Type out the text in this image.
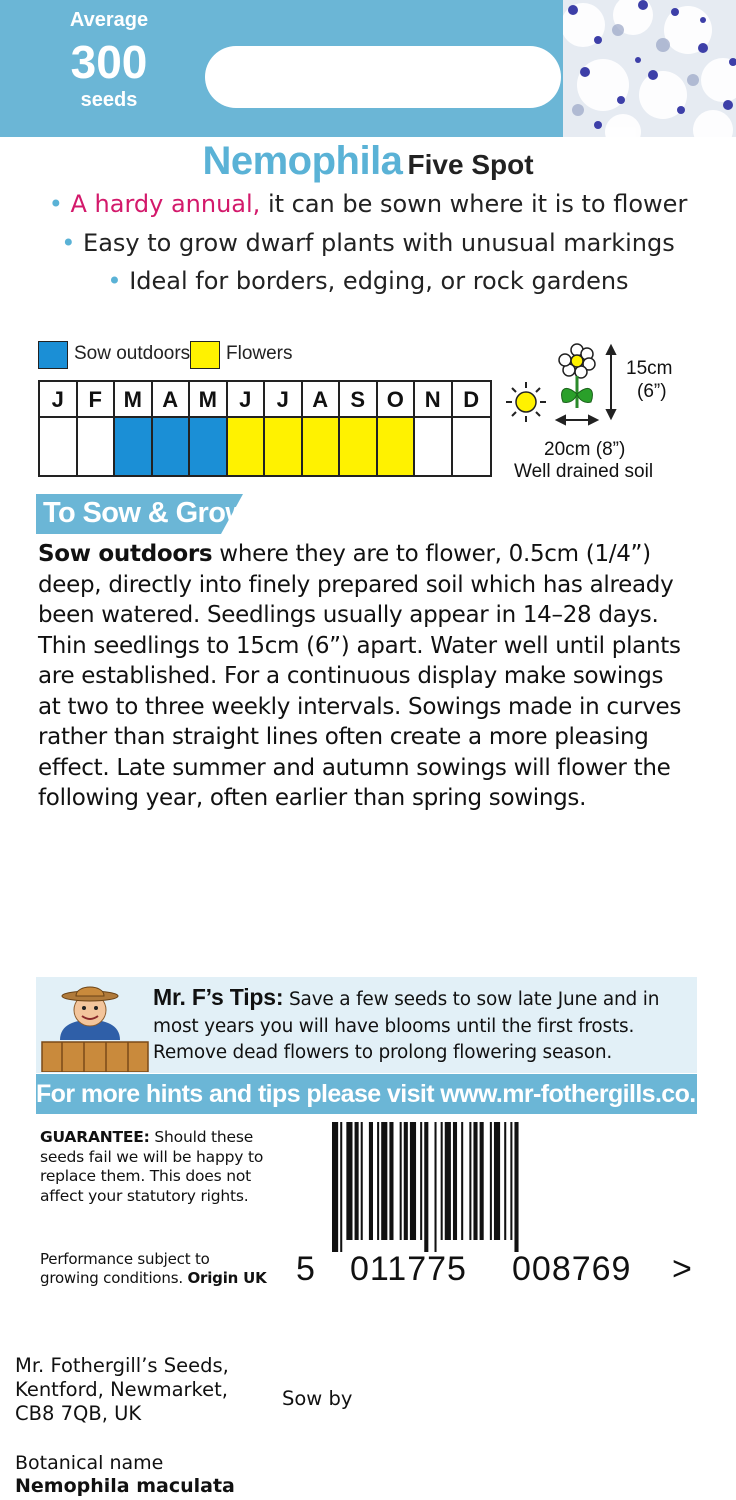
Average
300
seeds
Nemophila Five Spot
• A hardy annual, it can be sown where it is to flower
• Easy to grow dwarf plants with unusual markings
• Ideal for borders, edging, or rock gardens
Sow outdoors Flowers
J	F M A M	J	J	A	S O N	D
15cm
(6”)
20cm (8”)
Well drained soil
To Sow & Grow
Sow outdoors where they are to flower, 0.5cm (1/4”)
deep, directly into finely prepared soil which has already
been watered. Seedlings usually appear in 14–28 days.
Thin seedlings to 15cm (6”) apart. Water well until plants
are established. For a continuous display make sowings
at two to three weekly intervals. Sowings made in curves
rather than straight lines often create a more pleasing
effect. Late summer and autumn sowings will flower the
following year, often earlier than spring sowings.
Mr. F’s Tips: Save a few seeds to sow late June and in
most years you will have blooms until the first frosts.
Remove dead flowers to prolong flowering season.
For more hints and tips please visit www.mr-fothergills.co.uk
GUARANTEE: Should these
seeds fail we will be happy to
replace them. This does not
affect your statutory rights.
Performance subject to
growing conditions. Origin UK 5 011775 008769 >
Mr. Fothergill’s Seeds,
Kentford, Newmarket,
CB8 7QB, UK
Sow by
Botanical name
Nemophila maculata
